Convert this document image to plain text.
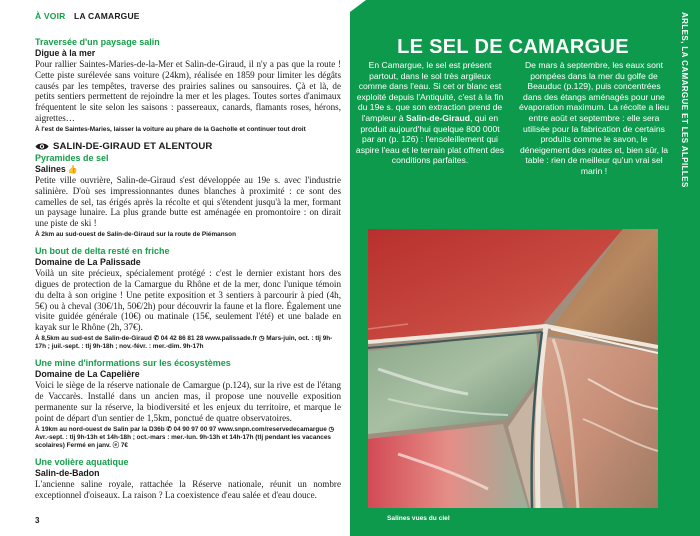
À VOIR LA CAMARGUE
Traversée d'un paysage salin
Digue à la mer

Pour rallier Saintes-Maries-de-la-Mer et Salin-de-Giraud, il n'y a pas que la route ! Cette piste surélevée sans voiture (24km), réalisée en 1859 pour limiter les dégâts causés par les tempêtes, traverse des prairies salines ou sansouires. Çà et là, de petits sentiers permettent de rejoindre la mer et les plages. Toutes sortes d'animaux fréquentent le site selon les saisons : passereaux, canards, flamants roses, hérons, aigrettes…

À l'est de Saintes-Maries, laisser la voiture au phare de la Gacholle et continuer tout droit
SALIN-DE-GIRAUD ET ALENTOUR
Pyramides de sel
Salines 👍

Petite ville ouvrière, Salin-de-Giraud s'est développée au 19e s. avec l'industrie salinière. D'où ses impressionnantes dunes blanches à proximité : ce sont des camelles de sel, tas érigés après la récolte et qui s'étendent jusqu'à la mer, formant un paysage lunaire. La plus grande butte est aménagée en promontoire : on dirait une piste de ski !

À 2km au sud-ouest de Salin-de-Giraud sur la route de Piémanson
Un bout de delta resté en friche
Domaine de La Palissade

Voilà un site précieux, spécialement protégé : c'est le dernier existant hors des digues de protection de la Camargue du Rhône et de la mer, donc l'unique témoin du delta à son origine ! Une petite exposition et 3 sentiers à parcourir à pied (4h, 5€) ou à cheval (30€/1h, 50€/2h) pour découvrir la faune et la flore. Également une visite guidée générale (10€) ou matinale (15€, seulement l'été) et une balade en kayak sur le Rhône (2h, 37€).

À 8,5km au sud-est de Salin-de-Giraud ✆ 04 42 86 81 28 www.palissade.fr ◷ Mars-juin, oct. : tlj 9h-17h ; juil.-sept. : tlj 9h-18h ; nov.-févr. : mer.-dim. 9h-17h
Une mine d'informations sur les écosystèmes
Domaine de La Capelière

Voici le siège de la réserve nationale de Camargue (p.124), sur la rive est de l'étang de Vaccarès. Installé dans un ancien mas, il propose une nouvelle exposition permanente sur la réserve, la biodiversité et les enjeux du territoire, et marque le point de départ d'un sentier de 1,5km, ponctué de quatre observatoires.

À 19km au nord-ouest de Salin par la D36b ✆ 04 90 97 00 97 www.snpn.com/reservedecamargue ◷ Avr.-sept. : tlj 9h-13h et 14h-18h ; oct.-mars : mer.-lun. 9h-13h et 14h-17h (tlj pendant les vacances scolaires) Fermé en janv. ⓔ 7€
Une volière aquatique
Salin-de-Badon

L'ancienne saline royale, rattachée la Réserve nationale, réunit un nombre exceptionnel d'oiseaux. La raison ? La coexistence d'eau salée et d'eau douce.

3
LE SEL DE CAMARGUE

En Camargue, le sel est présent partout, dans le sol très argileux comme dans l'eau. Si cet or blanc est exploité depuis l'Antiquité, c'est à la fin du 19e s. que son extraction prend de l'ampleur à Salin-de-Giraud, qui en produit aujourd'hui quelque 800 000t par an (p. 126) : l'ensoleillement qui aspire l'eau et le terrain plat offrent des conditions parfaites.

De mars à septembre, les eaux sont pompées dans la mer du golfe de Beauduc (p.129), puis concentrées dans des étangs aménagés pour une évaporation maximum. La récolte a lieu entre août et septembre : elle sera utilisée pour la fabrication de certains produits comme le savon, le déneigement des routes et, bien sûr, la table : rien de meilleur qu'un vrai sel marin !

Salines vues du ciel
ARLES, LA CAMARGUE ET LES ALPILLES
